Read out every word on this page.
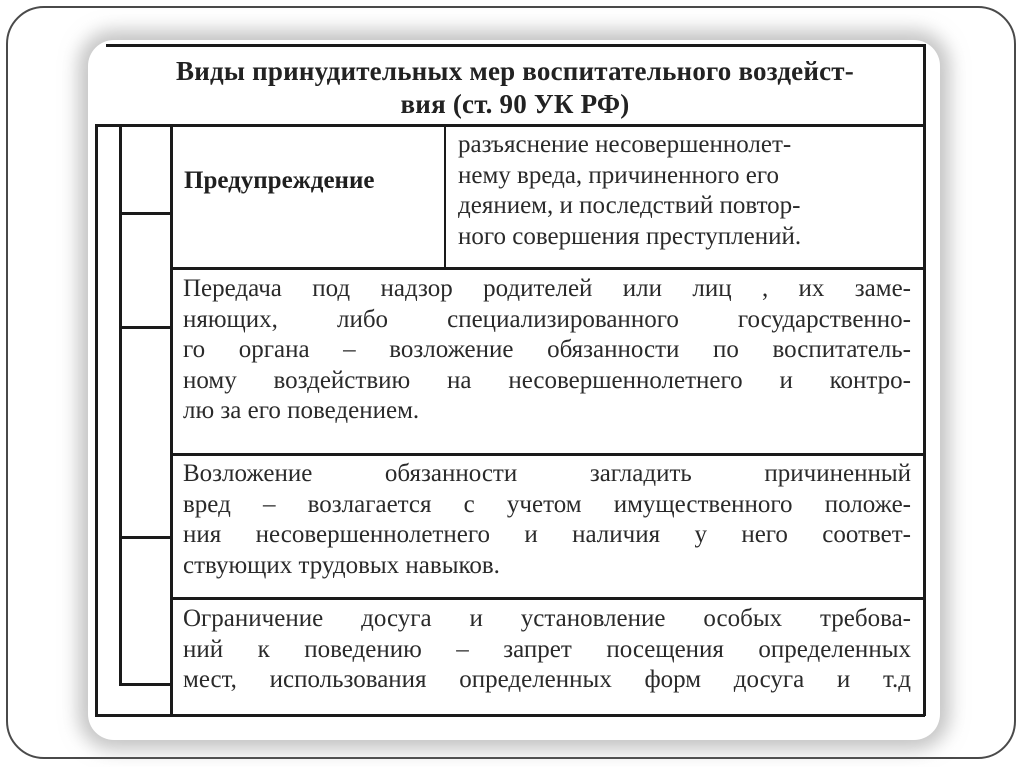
Виды принудительных мер воспитательного воздейст-
вия (ст. 90 УК РФ)
Предупреждение
разъяснение несовершеннолет-
нему вреда, причиненного его
деянием, и последствий повтор-
ного совершения преступлений.
Передача под надзор родителей или лиц , их заме-
няющих, либо специализированного государственно-
го органа – возложение обязанности по воспитатель-
ному воздействию на несовершеннолетнего и контро-
лю за его поведением.
Возложение обязанности загладить причиненный
вред – возлагается с учетом имущественного положе-
ния несовершеннолетнего и наличия у него соответ-
ствующих трудовых навыков.
Ограничение досуга и установление особых требова-
ний к поведению – запрет посещения определенных
мест, использования определенных форм досуга и т.д
